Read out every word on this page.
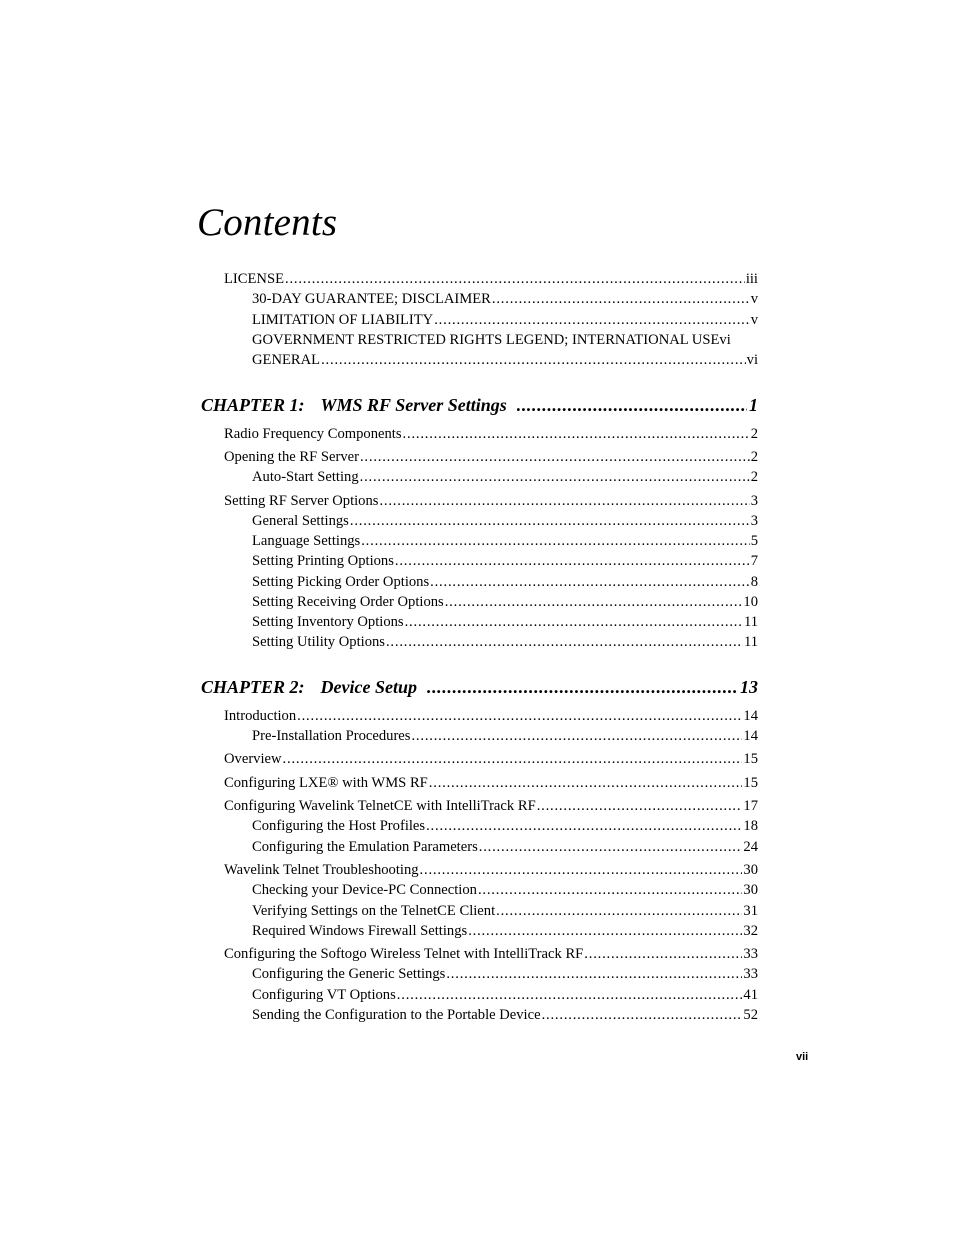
Contents
LICENSE .....	iii
30-DAY GUARANTEE; DISCLAIMER .....	v
LIMITATION OF LIABILITY .....	v
GOVERNMENT RESTRICTED RIGHTS LEGEND; INTERNATIONAL USE vi
GENERAL .....	vi
CHAPTER 1: WMS RF Server Settings .....	1
Radio Frequency Components .....	2
Opening the RF Server .....	2
Auto-Start Setting .....	2
Setting RF Server Options .....	3
General Settings .....	3
Language Settings .....	5
Setting Printing Options .....	7
Setting Picking Order Options .....	8
Setting Receiving Order Options .....	10
Setting Inventory Options .....	11
Setting Utility Options .....	11
CHAPTER 2: Device Setup .....	13
Introduction .....	14
Pre-Installation Procedures .....	14
Overview .....	15
Configuring LXE® with WMS RF .....	15
Configuring Wavelink TelnetCE with IntelliTrack RF .....	17
Configuring the Host Profiles .....	18
Configuring the Emulation Parameters .....	24
Wavelink Telnet Troubleshooting .....	30
Checking your Device-PC Connection .....	30
Verifying Settings on the TelnetCE Client .....	31
Required Windows Firewall Settings .....	32
Configuring the Softogo Wireless Telnet with IntelliTrack RF .....	33
Configuring the Generic Settings .....	33
Configuring VT Options .....	41
Sending the Configuration to the Portable Device .....	52
vii
